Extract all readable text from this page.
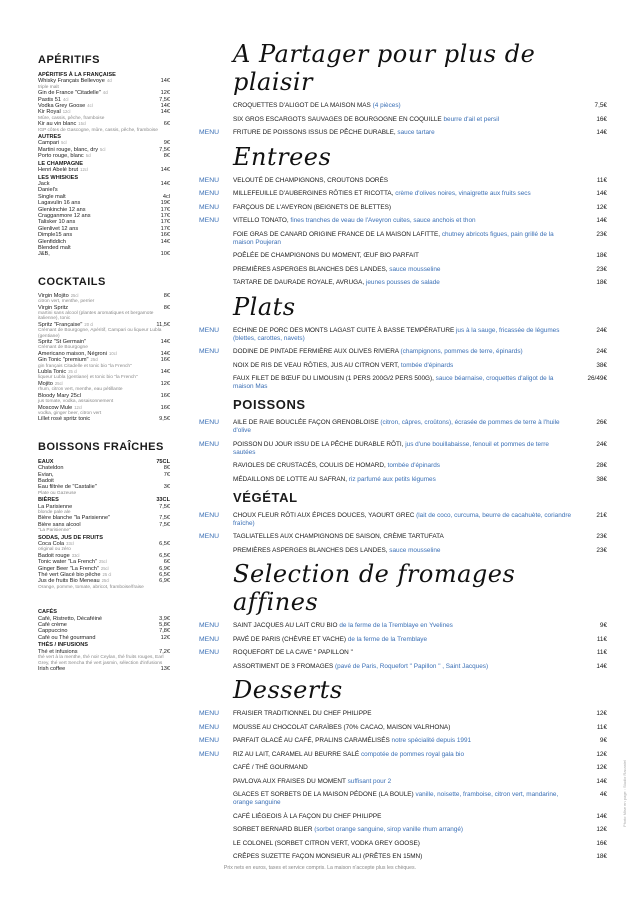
APÉRITIFS
APÉRITIFS À LA FRANÇAISE
Whisky Français Bellevoye 4cl	14€
triple malt
Gin de France "Citadelle" 4cl	12€
Pastis 51 4cl	7,5€
Vodka Grey Goose 4cl	14€
Kir Royal 12cl	14€
Mûre, cassis, pêche, framboise
Kir au vin blanc 15cl	6€
IGP côtes de Gascogne, mûre, cassis, pêche, framboise
AUTRES
Campari 5cl	9€
Martini rouge, blanc, dry 5cl	7,5€
Porto rouge, blanc 5cl	8€
LE CHAMPAGNE
Henri Abelé brut 12cl	14€
LES WHISKIES
Jack	14€
Daniel's
Single malt	4cl
Lagavulin 16 ans	19€
Glenkinchie 12 ans	17€
Cragganmore 12 ans	17€
Talisker 10 ans	17€
Glenlivet 12 ans	17€
Dimple15 ans	16€
Glenfiddich	14€
Blended malt
J&B,	10€
COCKTAILS
Virgin Mojito 25cl	8€
citron vert, menthe, perrier
Virgin Spritz	8€
martini sans alcool (plantes aromatiques et bergamote italienne), tonic
Spritz "Française" 20 cl	11,5€
Crémant de Bourgogne, Apéritif, Campari ou liqueur Lubla (gentiane)
Spritz "St Germain"	14€
Crémant de Bourgogne
Americano maison, Négroni 10cl	14€
Gin Tonic "premium" 25cl	16€
gin français Citadelle et tonic bio "la French"
Lubla Tonic 25 cl	14€
liqueur Lubla (gentiane) et tonic bio "la French"
Mojito 25cl	12€
rhum, citron vert, menthe, eau pétillante
Bloody Mary 25cl	16€
jus tomate, vodka, assaisonnement
Moscow Mule 12cl	16€
vodka, ginger beer, citron vert
Lillet rosé spritz tonic	9,5€
BOISSONS FRAÎCHES
EAUX	75CL
Chateldon	8€
Evian,	7€
Badoit
Eau filtrée de "Castalie"	3€
Plate ou Gazeuse
BIÈRES	33CL
La Parisienne	7,5€
blonde pale ale
Bière blanche "la Parisienne"	7,5€
Bière sans alcool	7,5€
"La Parisienne"
SODAS, JUS DE FRUITS
Coca Cola 33cl	6,5€
original ou zéro
Badoit rouge 33cl	6,5€
Tonic water "La French" 25cl	6€
Ginger Beer "La French" 25cl	6,9€
Thé vert Glacé bio pêche 25 cl	6,5€
Jus de fruits Bio Meneau 25cl	6,9€
Orange, pomme, tomate, abricot, framboise/fraise
CAFÉS
Café, Ristretto, Décaféiné	3,9€
Café crème	5,8€
Cappuccino	7,8€
Café ou Thé gourmand	12€
THÉS / INFUSIONS
Thé et infusions	7,2€
thé vert à la menthe, thé noir Ceylan, thé fruits rouges, Earl Grey, thé vert Sencha thé vert jasmin, sélection d'infusions
Irish coffee	13€
A Partager pour plus de plaisir
CROQUETTES D'ALIGOT DE LA MAISON MAS (4 pièces)	7,5€
SIX GROS ESCARGOTS SAUVAGES DE BOURGOGNE EN COQUILLE beurre d'ail et persil	16€
MENU	FRITURE DE POISSONS ISSUS DE PÊCHE DURABLE, sauce tartare	14€
Entrees
MENU	VELOUTÉ DE CHAMPIGNONS, CROUTONS DORÉS	11€
MENU	MILLEFEUILLE D'AUBERGINES RÔTIES ET RICOTTA, crème d'olives noires, vinaigrette aux fruits secs	14€
MENU	FARÇOUS DE L'AVEYRON (BEIGNETS DE BLETTES)	12€
MENU	VITELLO TONATO, fines tranches de veau de l'Aveyron cuites, sauce anchois et thon	14€
FOIE GRAS DE CANARD ORIGINE FRANCE DE LA MAISON LAFITTE, chutney abricots figues, pain grillé de la maison Poujeran
23€
POÊLÉE DE CHAMPIGNONS DU MOMENT, ŒUF BIO PARFAIT	18€
PREMIÈRES ASPERGES BLANCHES DES LANDES, sauce mousseline	23€
TARTARE DE DAURADE ROYALE, AVRUGA, jeunes pousses de salade	18€
Plats
MENU	ECHINE DE PORC DES MONTS LAGAST CUITE À BASSE TEMPÉRATURE jus à la sauge, fricassée de légumes (blettes, carottes, navets)
24€
MENU	DODINE DE PINTADE FERMIÈRE AUX OLIVES RIVIERA (champignons, pommes de terre, épinards)	24€
NOIX DE RIS DE VEAU RÔTIES, JUS AU CITRON VERT, tombée d'épinards	38€
FAUX FILET DE BŒUF DU LIMOUSIN (1 PERS 200G/2 PERS 500G), sauce béarnaise, croquettes d'aligot de la maison Mas
26/49€
POISSONS
MENU	AILE DE RAIE BOUCLÉE FAÇON GRENOBLOISE (citron, câpres, croûtons), écrasée de pommes de terre à l'huile d'olive
26€
MENU	POISSON DU JOUR ISSU DE LA PÊCHE DURABLE RÔTI, jus d'une bouillabaisse, fenouil et pommes de terre sautées
24€
RAVIOLES DE CRUSTACÉS, COULIS DE HOMARD, tombée d'épinards	28€
MÉDAILLONS DE LOTTE AU SAFRAN, riz parfumé aux petits légumes	38€
VÉGÉTAL
MENU	CHOUX FLEUR RÔTI AUX ÉPICES DOUCES, YAOURT GREC (lait de coco, curcuma, beurre de cacahuète, coriandre fraîche)
21€
MENU	TAGLIATELLES AUX CHAMPIGNONS DE SAISON, CRÈME TARTUFATA	23€
PREMIÈRES ASPERGES BLANCHES DES LANDES, sauce mousseline	23€
Selection de fromages affines
MENU	SAINT JACQUES AU LAIT CRU BIO de la ferme de la Tremblaye en Yvelines	9€
MENU	PAVÉ DE PARIS (CHÈVRE ET VACHE) de la ferme de la Tremblaye	11€
MENU	ROQUEFORT DE LA CAVE " PAPILLON "	11€
ASSORTIMENT DE 3 FROMAGES (pavé de Paris, Roquefort " Papillon " , Saint Jacques)	14€
Desserts
MENU	FRAISIER TRADITIONNEL DU CHEF PHILIPPE	12€
MENU	MOUSSE AU CHOCOLAT CARAÏBES (70% CACAO, MAISON VALRHONA)	11€
MENU	PARFAIT GLACÉ AU CAFÉ, PRALINS CARAMÉLISÉS notre spécialité depuis 1991	9€
MENU	RIZ AU LAIT, CARAMEL AU BEURRE SALÉ compotée de pommes royal gala bio	12€
CAFÉ / THÉ GOURMAND	12€
PAVLOVA AUX FRAISES DU MOMENT suffisant pour 2	14€
GLACES ET SORBETS DE LA MAISON PÉDONE (LA BOULE) vanille, noisette, framboise, citron vert, mandarine, orange sanguine
4€
CAFÉ LIÉGEOIS À LA FAÇON DU CHEF PHILIPPE	14€
SORBET BERNARD BLIER (sorbet orange sanguine, sirop vanille rhum arrangé)	12€
LE COLONEL (SORBET CITRON VERT, VODKA GREY GOOSE)	16€
CRÊPES SUZETTE FAÇON MONSIEUR ALI (PRÊTES EN 15MN)	18€
Prix nets en euros, taxes et service compris. La maison n'accepte plus les chèques.
Photo Mise en page : Studio Racaniel
